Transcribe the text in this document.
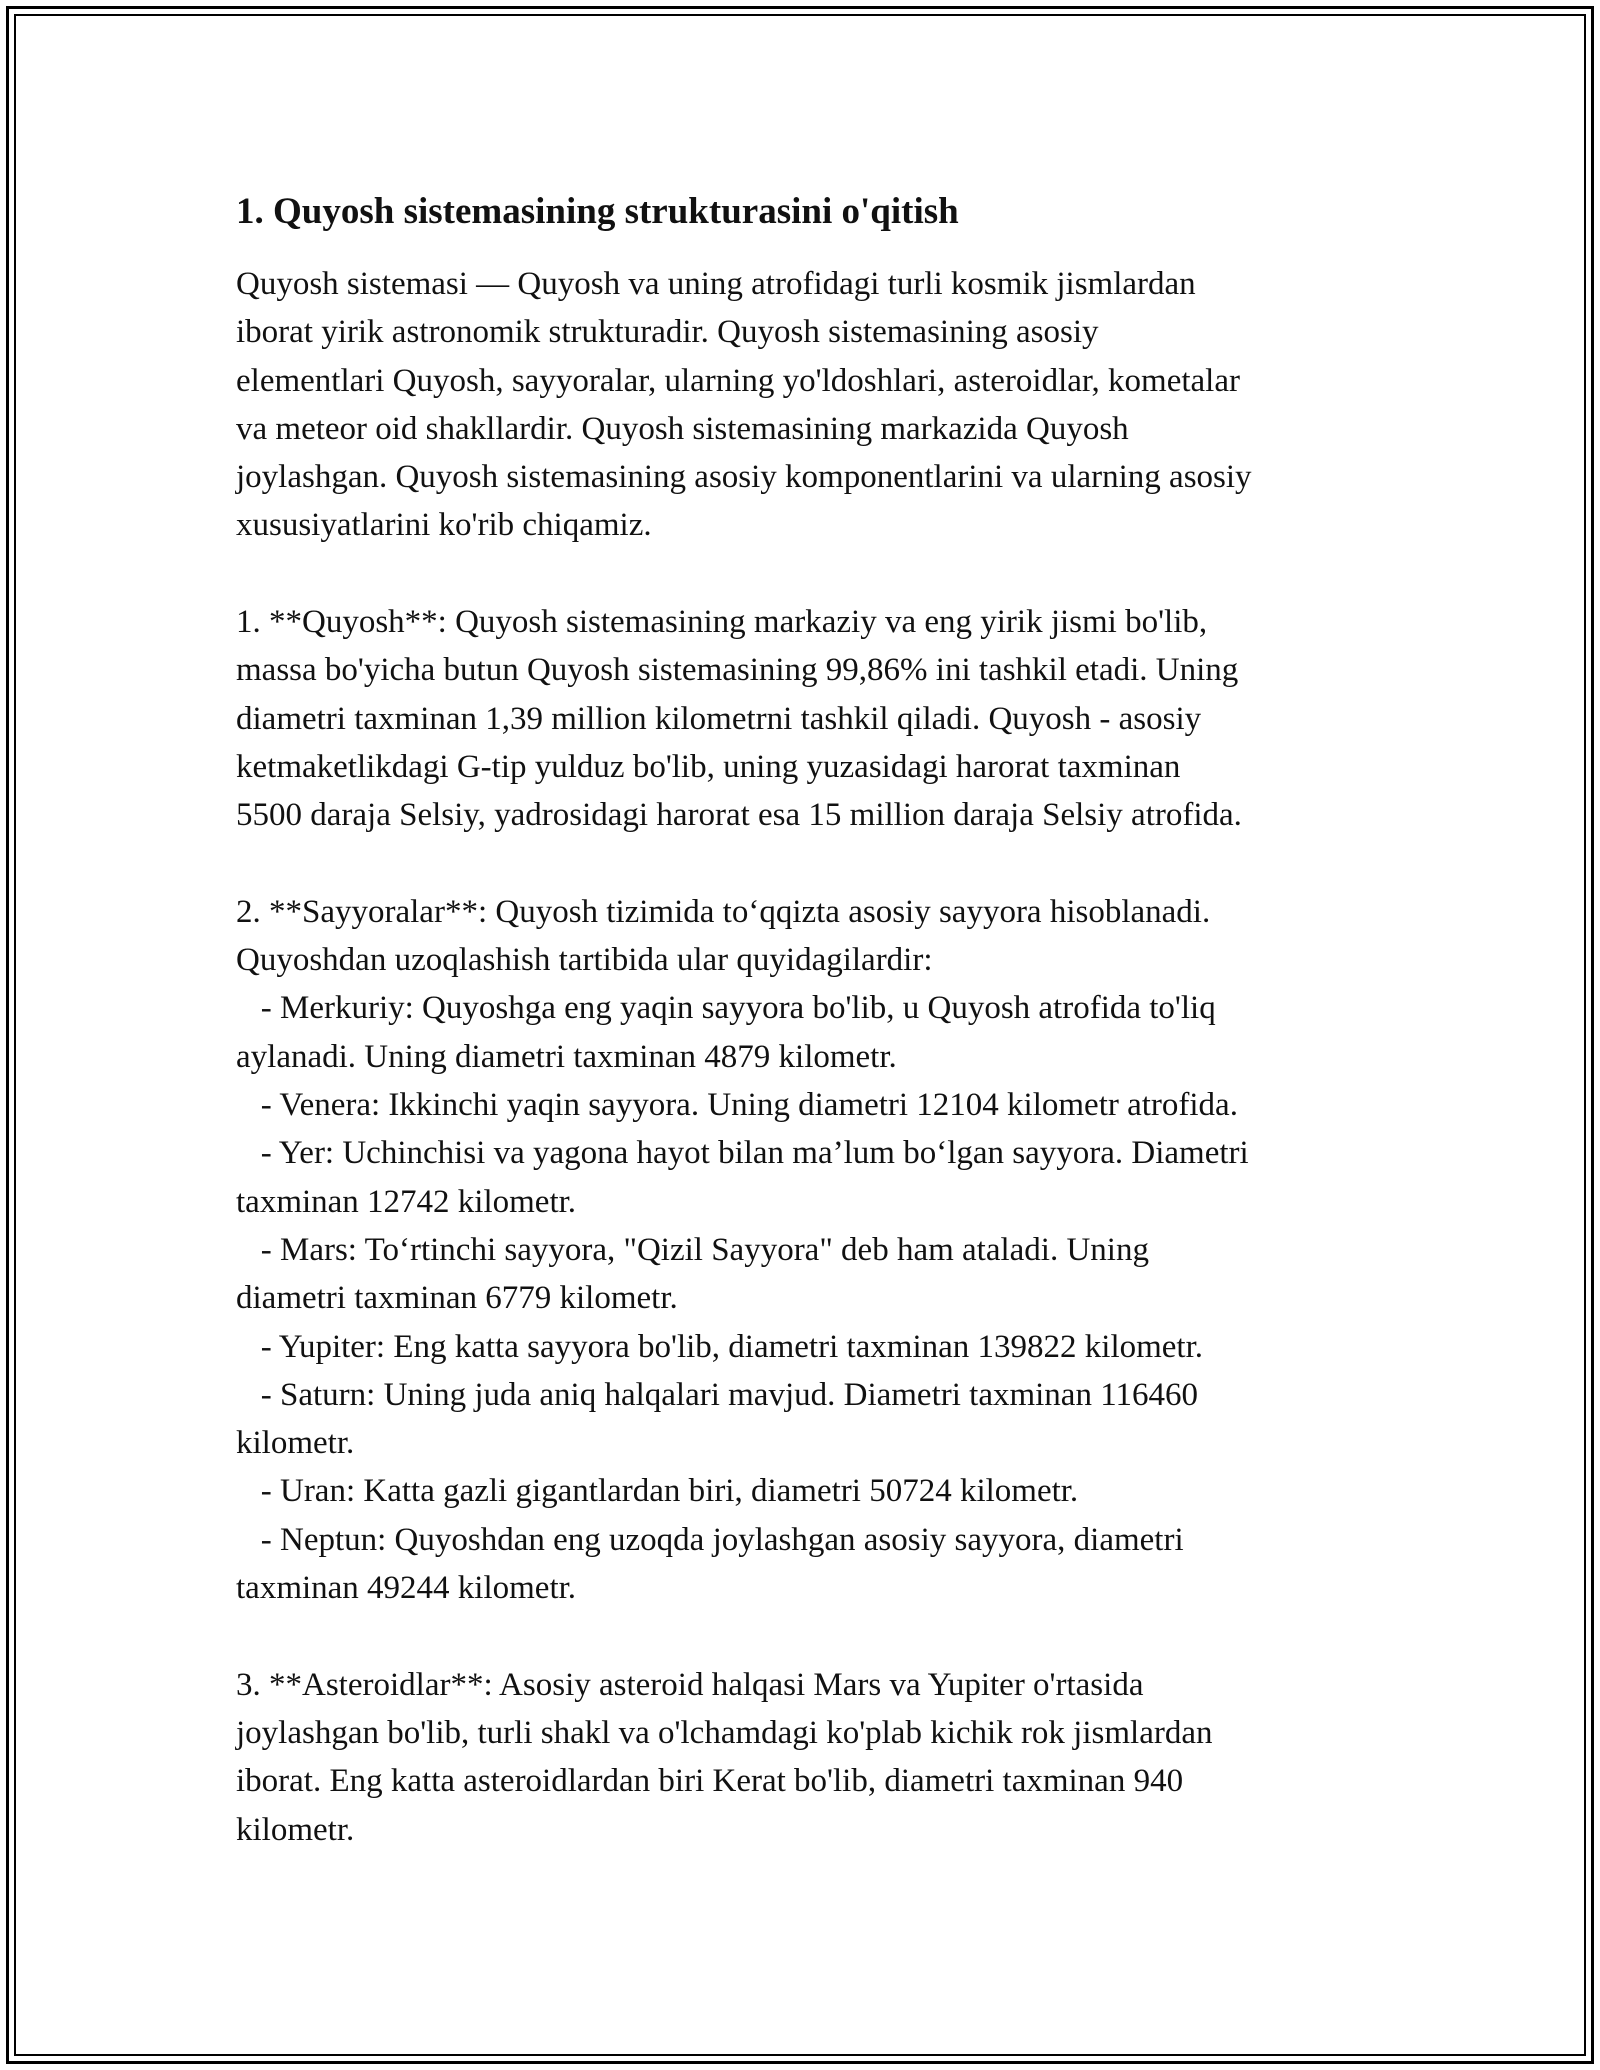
1. Quyosh sistemasining strukturasini o'qitish
Quyosh sistemasi — Quyosh va uning atrofidagi turli kosmik jismlardan
iborat yirik astronomik strukturadir. Quyosh sistemasining asosiy
elementlari Quyosh, sayyoralar, ularning yo'ldoshlari, asteroidlar, kometalar
va meteor oid shakllardir. Quyosh sistemasining markazida Quyosh
joylashgan. Quyosh sistemasining asosiy komponentlarini va ularning asosiy
xususiyatlarini ko'rib chiqamiz.
1. **Quyosh**: Quyosh sistemasining markaziy va eng yirik jismi bo'lib,
massa bo'yicha butun Quyosh sistemasining 99,86% ini tashkil etadi. Uning
diametri taxminan 1,39 million kilometrni tashkil qiladi. Quyosh - asosiy
ketmaketlikdagi G-tip yulduz bo'lib, uning yuzasidagi harorat taxminan
5500 daraja Selsiy, yadrosidagi harorat esa 15 million daraja Selsiy atrofida.
2. **Sayyoralar**: Quyosh tizimida to‘qqizta asosiy sayyora hisoblanadi.
Quyoshdan uzoqlashish tartibida ular quyidagilardir:
- Merkuriy: Quyoshga eng yaqin sayyora bo'lib, u Quyosh atrofida to'liq
aylanadi. Uning diametri taxminan 4879 kilometr.
- Venera: Ikkinchi yaqin sayyora. Uning diametri 12104 kilometr atrofida.
- Yer: Uchinchisi va yagona hayot bilan ma’lum bo‘lgan sayyora. Diametri
taxminan 12742 kilometr.
- Mars: To‘rtinchi sayyora, "Qizil Sayyora" deb ham ataladi. Uning
diametri taxminan 6779 kilometr.
- Yupiter: Eng katta sayyora bo'lib, diametri taxminan 139822 kilometr.
- Saturn: Uning juda aniq halqalari mavjud. Diametri taxminan 116460
kilometr.
- Uran: Katta gazli gigantlardan biri, diametri 50724 kilometr.
- Neptun: Quyoshdan eng uzoqda joylashgan asosiy sayyora, diametri
taxminan 49244 kilometr.
3. **Asteroidlar**: Asosiy asteroid halqasi Mars va Yupiter o'rtasida
joylashgan bo'lib, turli shakl va o'lchamdagi ko'plab kichik rok jismlardan
iborat. Eng katta asteroidlardan biri Kerat bo'lib, diametri taxminan 940
kilometr.
